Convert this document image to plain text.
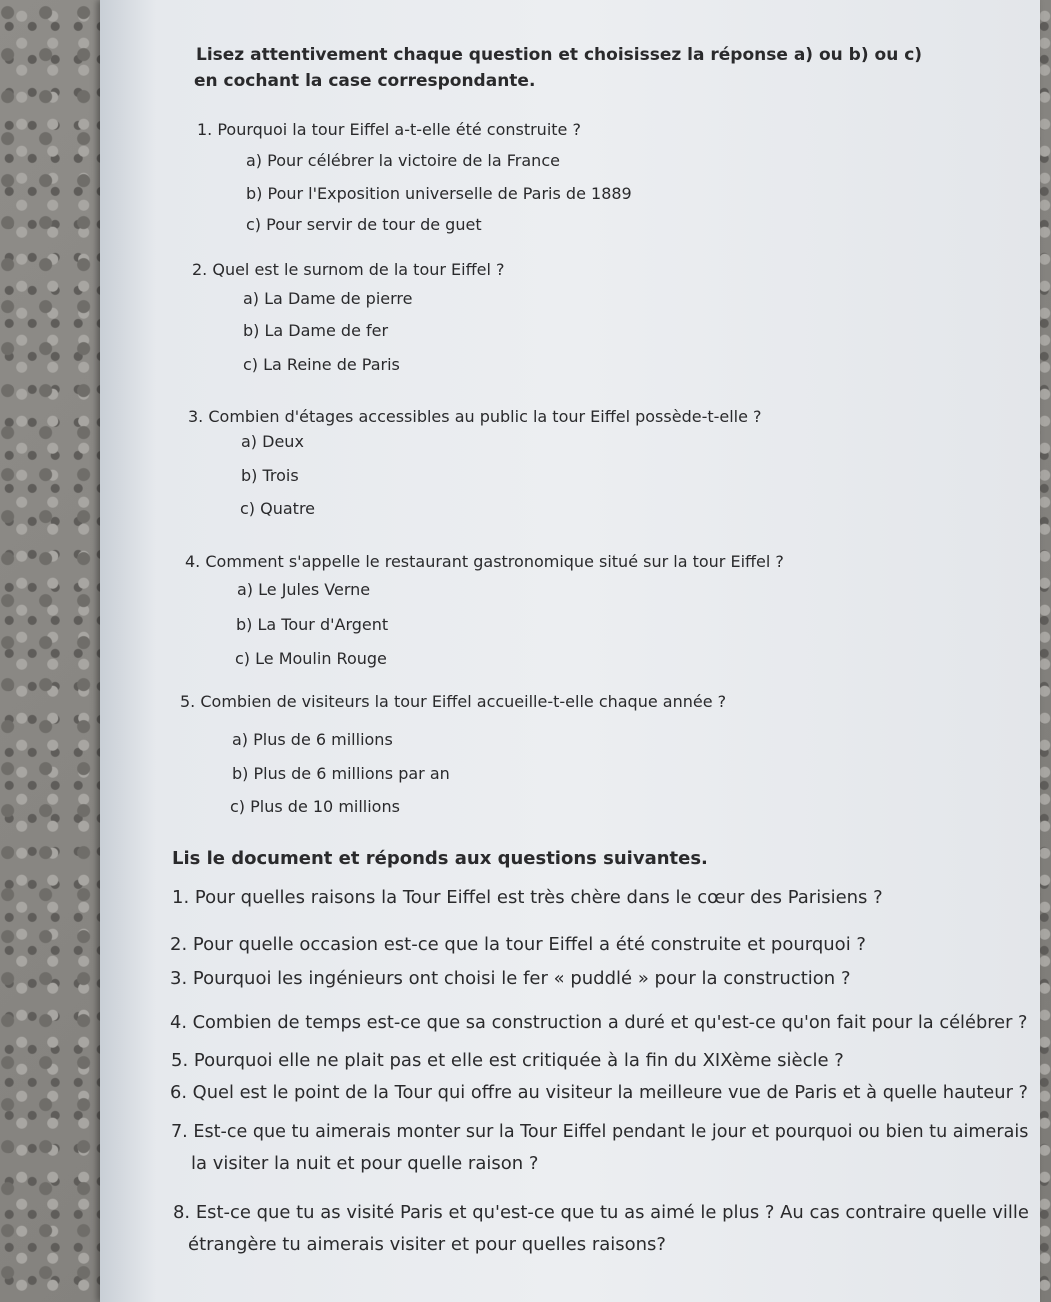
Lisez attentivement chaque question et choisissez la réponse a) ou b) ou c)
en cochant la case correspondante.
1. Pourquoi la tour Eiffel a-t-elle été construite ?
a) Pour célébrer la victoire de la France
b) Pour l'Exposition universelle de Paris de 1889
c) Pour servir de tour de guet
2. Quel est le surnom de la tour Eiffel ?
a) La Dame de pierre
b) La Dame de fer
c) La Reine de Paris
3. Combien d'étages accessibles au public la tour Eiffel possède-t-elle ?
a) Deux
b) Trois
c) Quatre
4. Comment s'appelle le restaurant gastronomique situé sur la tour Eiffel ?
a) Le Jules Verne
b) La Tour d'Argent
c) Le Moulin Rouge
5. Combien de visiteurs la tour Eiffel accueille-t-elle chaque année ?
a) Plus de 6 millions
b) Plus de 6 millions par an
c) Plus de 10 millions
Lis le document et réponds aux questions suivantes.
1. Pour quelles raisons la Tour Eiffel est très chère dans le cœur des Parisiens ?
2. Pour quelle occasion est-ce que la tour Eiffel a été construite et pourquoi ?
3. Pourquoi les ingénieurs ont choisi le fer « puddlé » pour la construction ?
4. Combien de temps est-ce que sa construction a duré et qu'est-ce qu'on fait pour la célébrer ?
5. Pourquoi elle ne plait pas et elle est critiquée à la fin du XIXème siècle ?
6. Quel est le point de la Tour qui offre au visiteur la meilleure vue de Paris et à quelle hauteur ?
7. Est-ce que tu aimerais monter sur la Tour Eiffel pendant le jour et pourquoi ou bien tu aimerais
la visiter la nuit et pour quelle raison ?
8. Est-ce que tu as visité Paris et qu'est-ce que tu as aimé le plus ? Au cas contraire quelle ville
étrangère tu aimerais visiter et pour quelles raisons?
